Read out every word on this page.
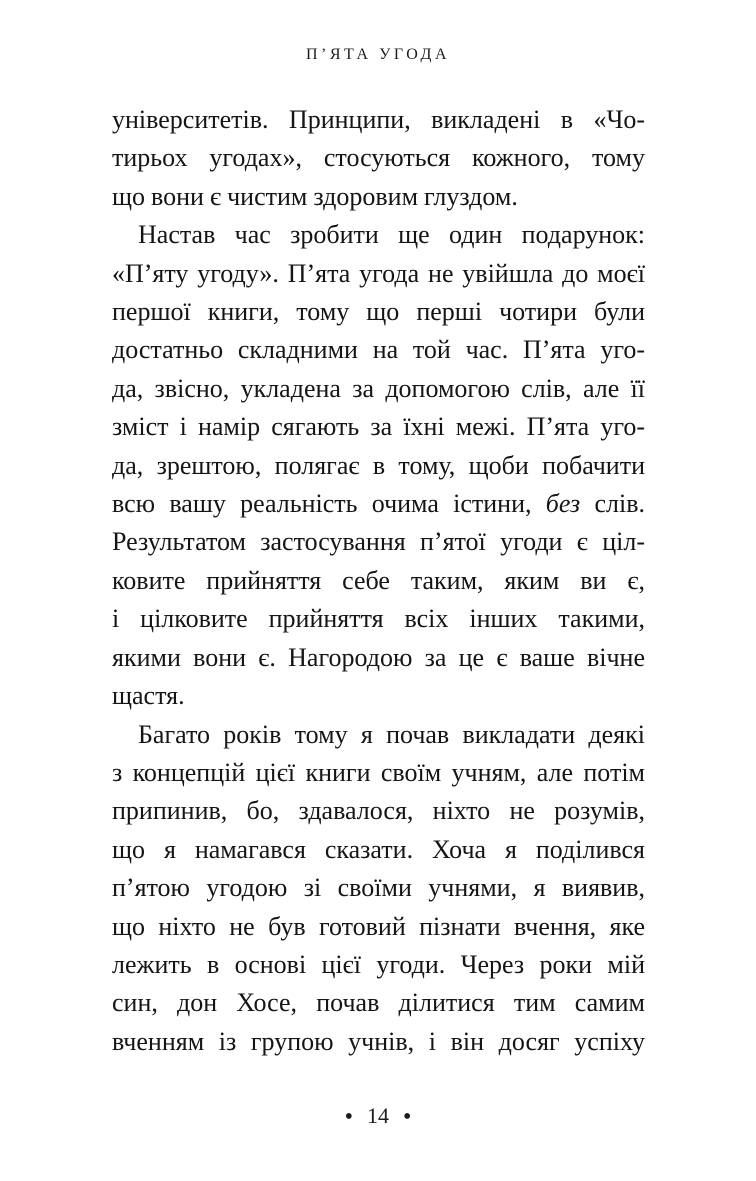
П’ЯТА УГОДА
університетів. Принципи, викладені в «Чо-
тирьох угодах», стосуються кожного, тому
що вони є чистим здоровим глуздом.
Настав час зробити ще один подарунок:
«П’яту угоду». П’ята угода не увійшла до моєї
першої книги, тому що перші чотири були
достатньо складними на той час. П’ята уго-
да, звісно, укладена за допомогою слів, але її
зміст і намір сягають за їхні межі. П’ята уго-
да, зрештою, полягає в тому, щоби побачити
всю вашу реальність очима істини, без слів.
Результатом застосування п’ятої угоди є ціл-
ковите прийняття себе таким, яким ви є,
і цілковите прийняття всіх інших такими,
якими вони є. Нагородою за це є ваше вічне
щастя.
Багато років тому я почав викладати деякі
з концепцій цієї книги своїм учням, але потім
припинив, бо, здавалося, ніхто не розумів,
що я намагався сказати. Хоча я поділився
п’ятою угодою зі своїми учнями, я виявив,
що ніхто не був готовий пізнати вчення, яке
лежить в основі цієї угоди. Через роки мій
син, дон Хосе, почав ділитися тим самим
вченням із групою учнів, і він досяг успіху
• 14 •
